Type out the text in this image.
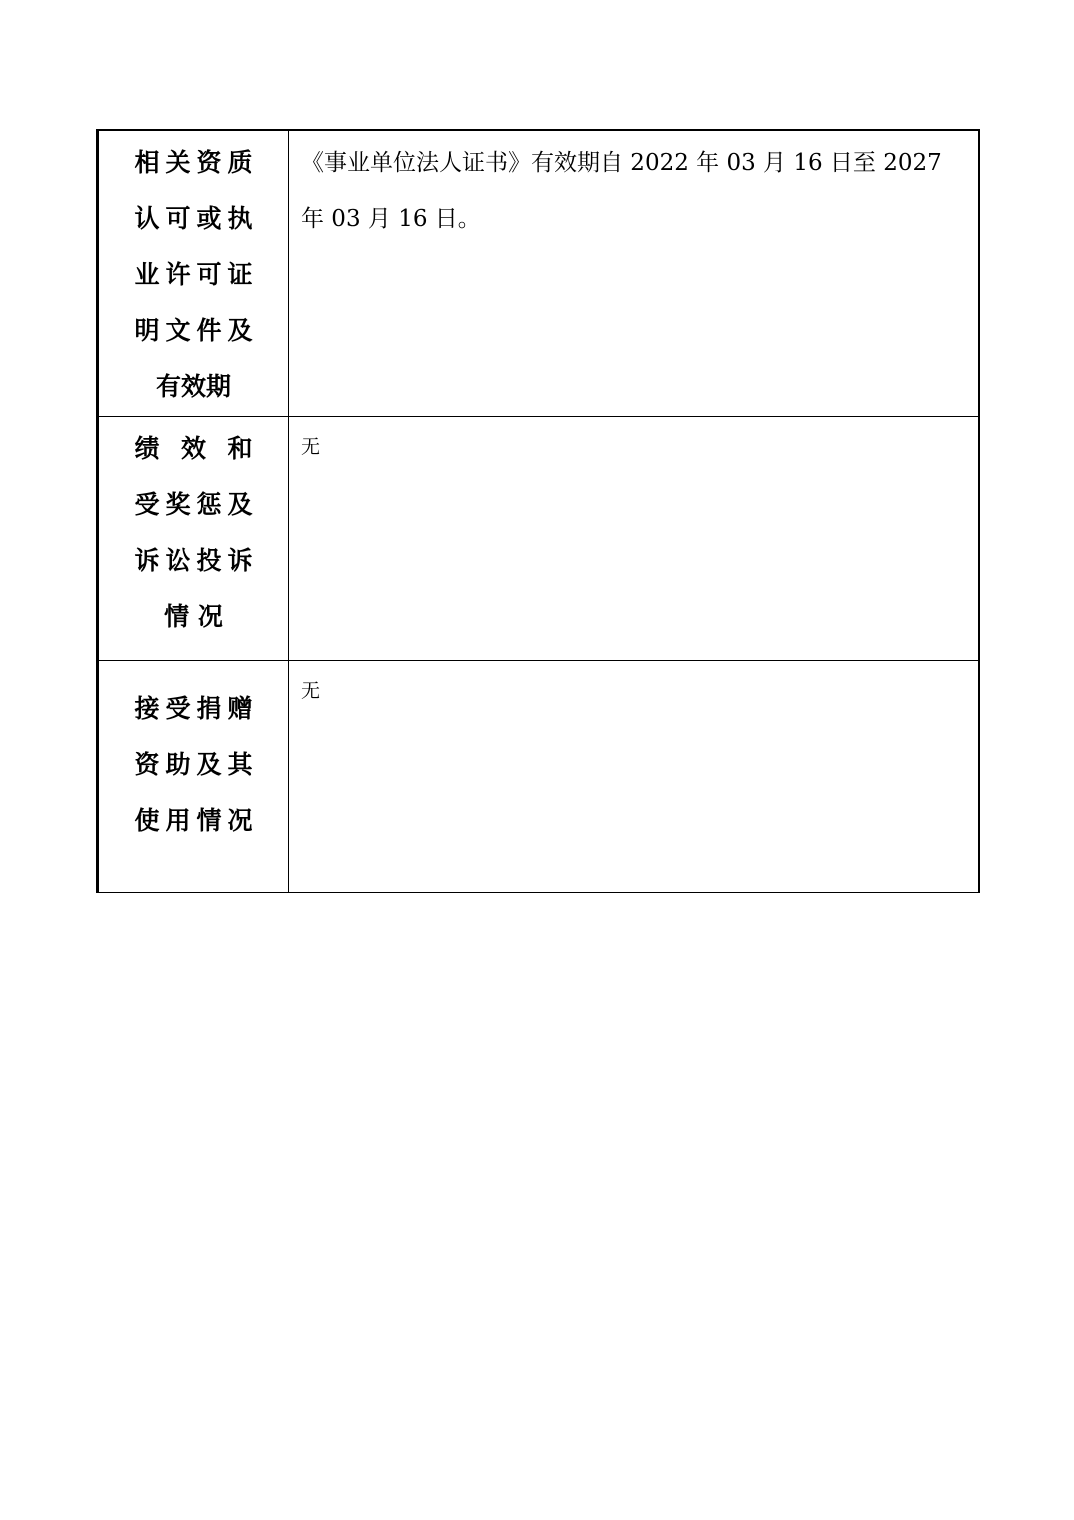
相关资质
认可或执
业许可证
明文件及
有效期	《事业单位法人证书》有效期自 2022 年 03 月 16 日至 2027 年 03 月 16 日。

绩 效 和
受奖惩及
诉讼投诉
情 况	无

接受捐赠
资助及其
使用情况	无
